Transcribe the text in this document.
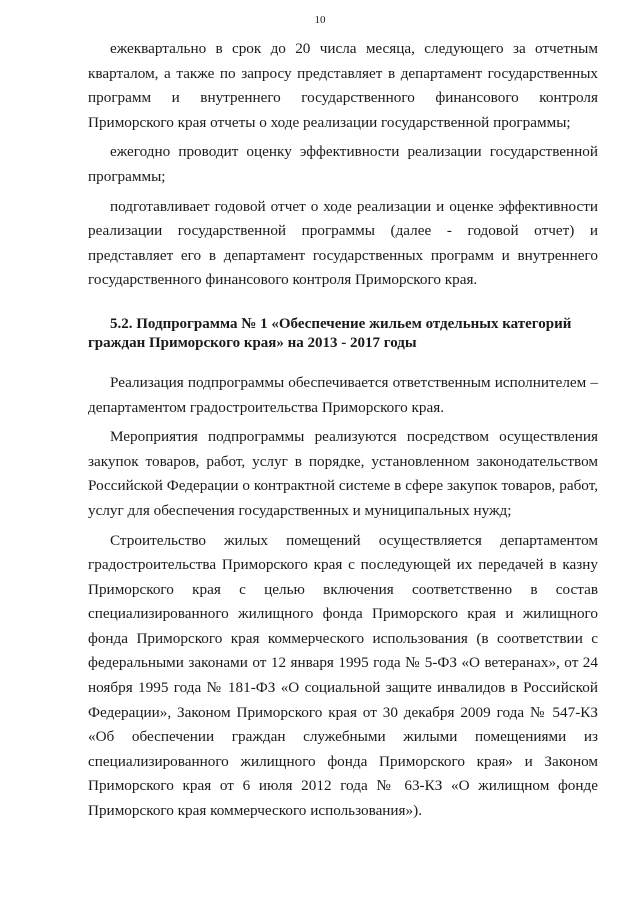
10

ежеквартально в срок до 20 числа месяца, следующего за отчетным кварталом, а также по запросу представляет в департамент государственных программ и внутреннего государственного финансового контроля Приморского края отчеты о ходе реализации государственной программы;

ежегодно проводит оценку эффективности реализации государственной программы;

подготавливает годовой отчет о ходе реализации и оценке эффективности реализации государственной программы (далее - годовой отчет) и представляет его в департамент государственных программ и внутреннего государственного финансового контроля Приморского края.

5.2. Подпрограмма № 1 «Обеспечение жильем отдельных категорий граждан Приморского края» на 2013 - 2017 годы

Реализация подпрограммы обеспечивается ответственным исполнителем – департаментом градостроительства Приморского края.

Мероприятия подпрограммы реализуются посредством осуществления закупок товаров, работ, услуг в порядке, установленном законодательством Российской Федерации о контрактной системе в сфере закупок товаров, работ, услуг для обеспечения государственных и муниципальных нужд;

Строительство жилых помещений осуществляется департаментом градостроительства Приморского края с последующей их передачей в казну Приморского края с целью включения соответственно в состав специализированного жилищного фонда Приморского края и жилищного фонда Приморского края коммерческого использования (в соответствии с федеральными законами от 12 января 1995 года № 5-ФЗ «О ветеранах», от 24 ноября 1995 года № 181-ФЗ «О социальной защите инвалидов в Российской Федерации», Законом Приморского края от 30 декабря 2009 года № 547-КЗ «Об обеспечении граждан служебными жилыми помещениями из специализированного жилищного фонда Приморского края» и Законом Приморского края от 6 июля 2012 года № 63-КЗ «О жилищном фонде Приморского края коммерческого использования»).
